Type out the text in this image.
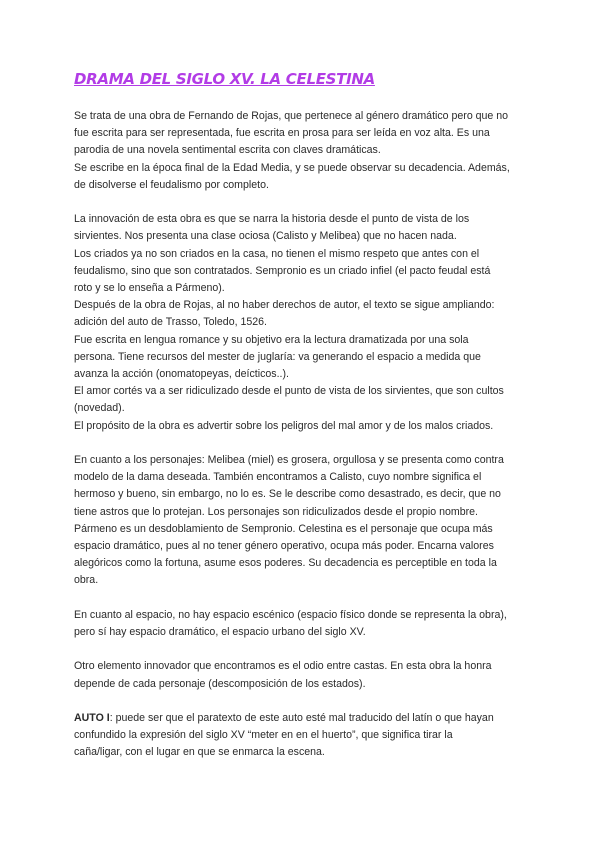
DRAMA DEL SIGLO XV. LA CELESTINA

Se trata de una obra de Fernando de Rojas, que pertenece al género dramático pero que no
fue escrita para ser representada, fue escrita en prosa para ser leída en voz alta. Es una
parodia de una novela sentimental escrita con claves dramáticas.
Se escribe en la época final de la Edad Media, y se puede observar su decadencia. Además,
de disolverse el feudalismo por completo.

La innovación de esta obra es que se narra la historia desde el punto de vista de los
sirvientes. Nos presenta una clase ociosa (Calisto y Melibea) que no hacen nada.
Los criados ya no son criados en la casa, no tienen el mismo respeto que antes con el
feudalismo, sino que son contratados. Sempronio es un criado infiel (el pacto feudal está
roto y se lo enseña a Pármeno).
Después de la obra de Rojas, al no haber derechos de autor, el texto se sigue ampliando:
adición del auto de Trasso, Toledo, 1526.
Fue escrita en lengua romance y su objetivo era la lectura dramatizada por una sola
persona. Tiene recursos del mester de juglaría: va generando el espacio a medida que
avanza la acción (onomatopeyas, deícticos..).
El amor cortés va a ser ridiculizado desde el punto de vista de los sirvientes, que son cultos
(novedad).
El propósito de la obra es advertir sobre los peligros del mal amor y de los malos criados.

En cuanto a los personajes: Melibea (miel) es grosera, orgullosa y se presenta como contra
modelo de la dama deseada. También encontramos a Calisto, cuyo nombre significa el
hermoso y bueno, sin embargo, no lo es. Se le describe como desastrado, es decir, que no
tiene astros que lo protejan. Los personajes son ridiculizados desde el propio nombre.
Pármeno es un desdoblamiento de Sempronio. Celestina es el personaje que ocupa más
espacio dramático, pues al no tener género operativo, ocupa más poder. Encarna valores
alegóricos como la fortuna, asume esos poderes. Su decadencia es perceptible en toda la
obra.

En cuanto al espacio, no hay espacio escénico (espacio físico donde se representa la obra),
pero sí hay espacio dramático, el espacio urbano del siglo XV.

Otro elemento innovador que encontramos es el odio entre castas. En esta obra la honra
depende de cada personaje (descomposición de los estados).

AUTO I: puede ser que el paratexto de este auto esté mal traducido del latín o que hayan
confundido la expresión del siglo XV “meter en en el huerto”, que significa tirar la
caña/ligar, con el lugar en que se enmarca la escena.
